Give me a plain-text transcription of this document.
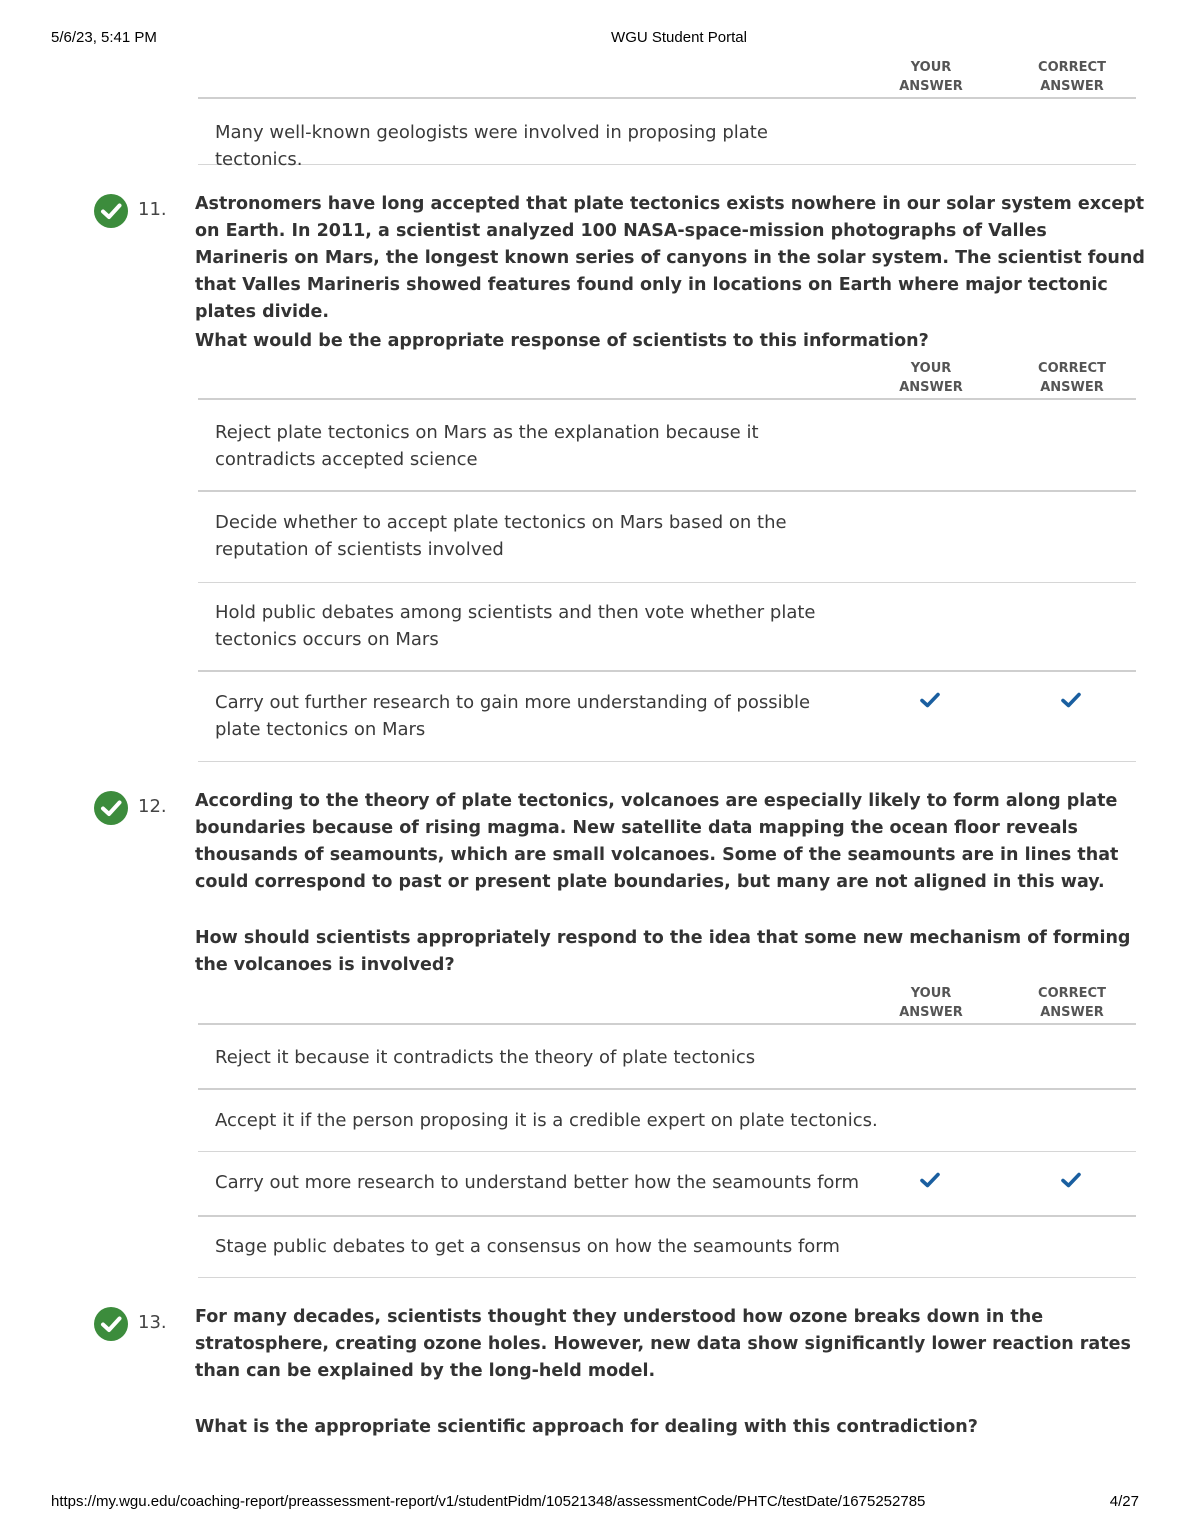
5/6/23, 5:41 PM	WGU Student Portal
YOUR
ANSWER
CORRECT
ANSWER
Many well-known geologists were involved in proposing plate tectonics.
11. Astronomers have long accepted that plate tectonics exists nowhere in our solar system except on Earth. In 2011, a scientist analyzed 100 NASA-space-mission photographs of Valles Marineris on Mars, the longest known series of canyons in the solar system. The scientist found that Valles Marineris showed features found only in locations on Earth where major tectonic plates divide.
What would be the appropriate response of scientists to this information?
YOUR
ANSWER
CORRECT
ANSWER
Reject plate tectonics on Mars as the explanation because it contradicts accepted science
Decide whether to accept plate tectonics on Mars based on the reputation of scientists involved
Hold public debates among scientists and then vote whether plate tectonics occurs on Mars
Carry out further research to gain more understanding of possible plate tectonics on Mars
12. According to the theory of plate tectonics, volcanoes are especially likely to form along plate boundaries because of rising magma. New satellite data mapping the ocean floor reveals thousands of seamounts, which are small volcanoes. Some of the seamounts are in lines that could correspond to past or present plate boundaries, but many are not aligned in this way.
How should scientists appropriately respond to the idea that some new mechanism of forming the volcanoes is involved?
YOUR
ANSWER
CORRECT
ANSWER
Reject it because it contradicts the theory of plate tectonics
Accept it if the person proposing it is a credible expert on plate tectonics.
Carry out more research to understand better how the seamounts form
Stage public debates to get a consensus on how the seamounts form
13. For many decades, scientists thought they understood how ozone breaks down in the stratosphere, creating ozone holes. However, new data show significantly lower reaction rates than can be explained by the long-held model.
What is the appropriate scientific approach for dealing with this contradiction?
https://my.wgu.edu/coaching-report/preassessment-report/v1/studentPidm/10521348/assessmentCode/PHTC/testDate/1675252785	4/27
